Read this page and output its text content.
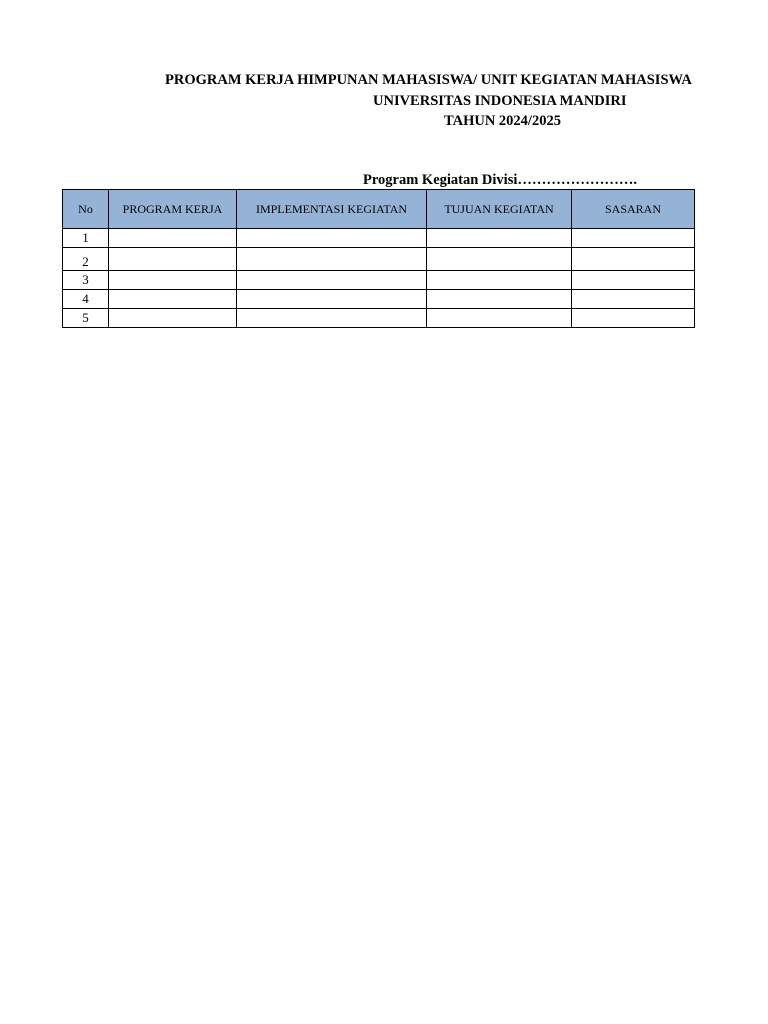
PROGRAM KERJA HIMPUNAN MAHASISWA/ UNIT KEGIATAN MAHASISWA
UNIVERSITAS INDONESIA MANDIRI
TAHUN 2024/2025
Program Kegiatan Divisi…………………….
No	PROGRAM KERJA	IMPLEMENTASI KEGIATAN	TUJUAN KEGIATAN	SASARAN
1				
2				
3				
4				
5				
